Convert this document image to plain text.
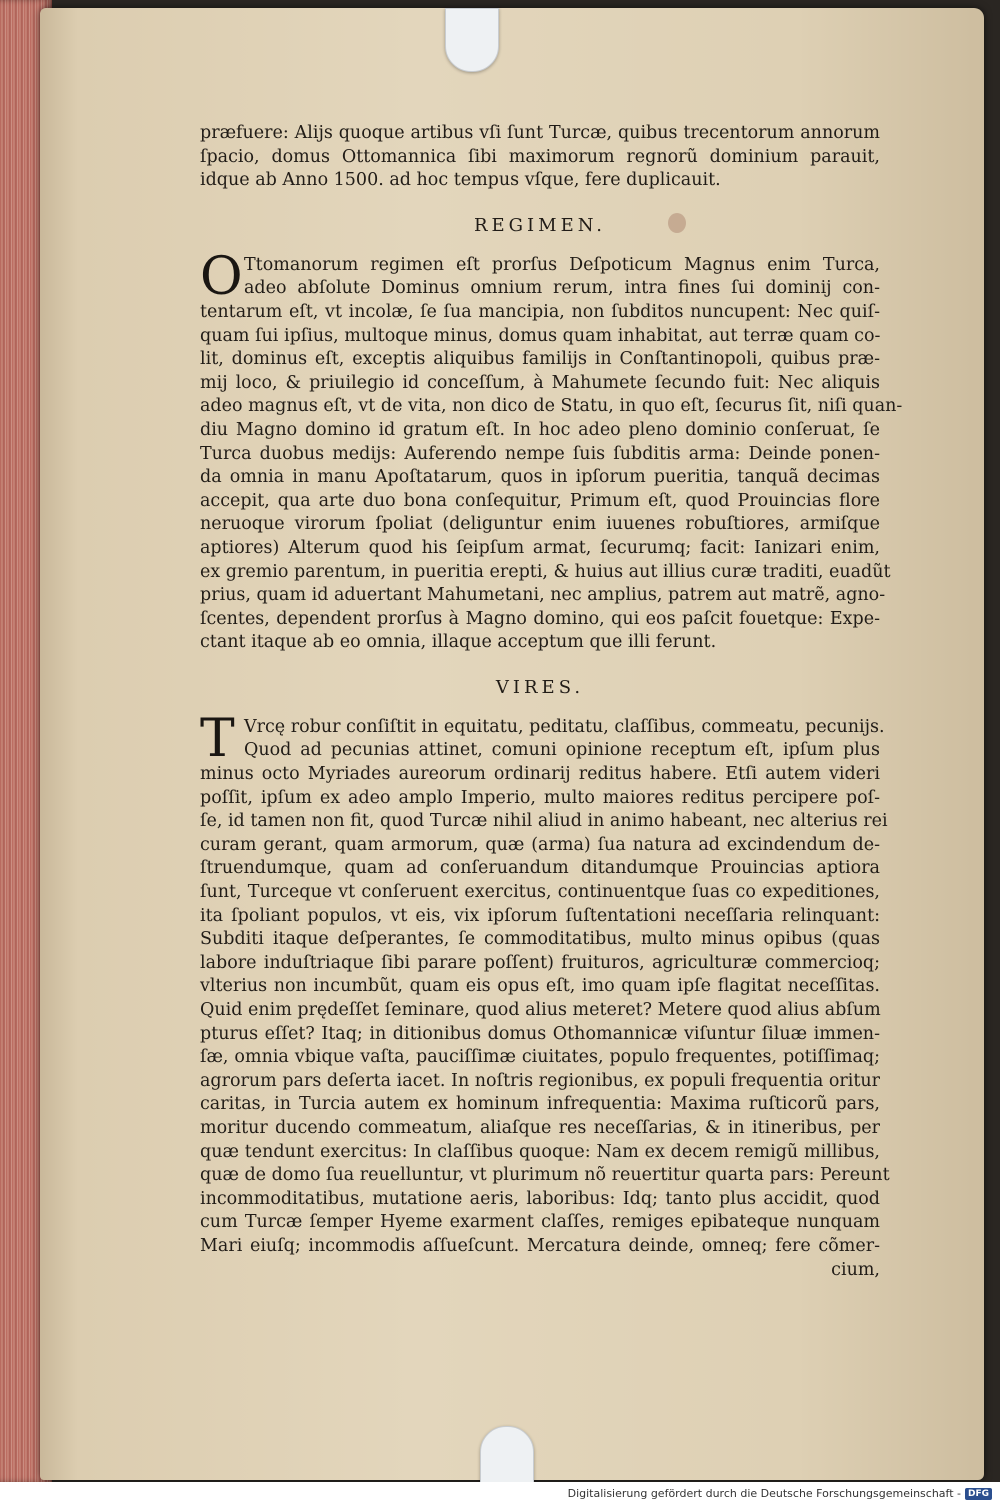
præfuere: Alijs quoque artibus vſi ſunt Turcæ, quibus trecentorum annorum
ſpacio, domus Ottomannica ſibi maximorum regnorũ dominium parauit,
idque ab Anno 1500. ad hoc tempus vſque, fere duplicauit.
REGIMEN.
O Ttomanorum regimen eſt prorſus Deſpoticum Magnus enim Turca,
adeo abſolute Dominus omnium rerum, intra fines ſui dominij con-
tentarum eſt, vt incolæ, ſe ſua mancipia, non ſubditos nuncupent: Nec quiſ-
quam ſui ipſius, multoque minus, domus quam inhabitat, aut terræ quam co-
lit, dominus eſt, exceptis aliquibus familijs in Conſtantinopoli, quibus præ-
mij loco, & priuilegio id conceſſum, à Mahumete ſecundo fuit: Nec aliquis
adeo magnus eſt, vt de vita, non dico de Statu, in quo eſt, ſecurus ſit, niſi quan-
diu Magno domino id gratum eſt. In hoc adeo pleno dominio conſeruat, ſe
Turca duobus medijs: Auferendo nempe ſuis ſubditis arma: Deinde ponen-
da omnia in manu Apoſtatarum, quos in ipſorum pueritia, tanquã decimas
accepit, qua arte duo bona conſequitur, Primum eſt, quod Prouincias flore
neruoque virorum ſpoliat (deliguntur enim iuuenes robuſtiores, armiſque
aptiores) Alterum quod his ſeipſum armat, ſecurumq; facit: Ianizari enim,
ex gremio parentum, in pueritia erepti, & huius aut illius curæ traditi, euadũt
prius, quam id aduertant Mahumetani, nec amplius, patrem aut matrẽ, agno-
ſcentes, dependent prorſus à Magno domino, qui eos paſcit fouetque: Expe-
ctant itaque ab eo omnia, illaque acceptum que illi ferunt.
VIRES.
T Vrcę robur conſiſtit in equitatu, peditatu, claſſibus, commeatu, pecunijs.
Quod ad pecunias attinet, comuni opinione receptum eſt, ipſum plus
minus octo Myriades aureorum ordinarij reditus habere. Etſi autem videri
poſſit, ipſum ex adeo amplo Imperio, multo maiores reditus percipere poſ-
ſe, id tamen non fit, quod Turcæ nihil aliud in animo habeant, nec alterius rei
curam gerant, quam armorum, quæ (arma) ſua natura ad excindendum de-
ſtruendumque, quam ad conſeruandum ditandumque Prouincias aptiora
ſunt, Turceque vt conſeruent exercitus, continuentque ſuas co expeditiones,
ita ſpoliant populos, vt eis, vix ipſorum ſuſtentationi neceſſaria relinquant:
Subditi itaque deſperantes, ſe commoditatibus, multo minus opibus (quas
labore induſtriaque ſibi parare poſſent) fruituros, agriculturæ commercioq;
vlterius non incumbũt, quam eis opus eſt, imo quam ipſe flagitat neceſſitas.
Quid enim prędeſſet ſeminare, quod alius meteret? Metere quod alius abſum
pturus eſſet? Itaq; in ditionibus domus Othomannicæ viſuntur ſiluæ immen-
ſæ, omnia vbique vaſta, pauciſſimæ ciuitates, populo frequentes, potiſſimaq;
agrorum pars deſerta iacet. In noſtris regionibus, ex populi frequentia oritur
caritas, in Turcia autem ex hominum infrequentia: Maxima ruſticorũ pars,
moritur ducendo commeatum, aliaſque res neceſſarias, & in itineribus, per
quæ tendunt exercitus: In claſſibus quoque: Nam ex decem remigũ millibus,
quæ de domo ſua reuelluntur, vt plurimum nõ reuertitur quarta pars: Pereunt
incommoditatibus, mutatione aeris, laboribus: Idq; tanto plus accidit, quod
cum Turcæ ſemper Hyeme exarment claſſes, remiges epibateque nunquam
Mari eiuſq; incommodis aſſueſcunt. Mercatura deinde, omneq; fere cõmer-
cium,
Digitalisierung gefördert durch die Deutsche Forschungsgemeinschaft - DFG
